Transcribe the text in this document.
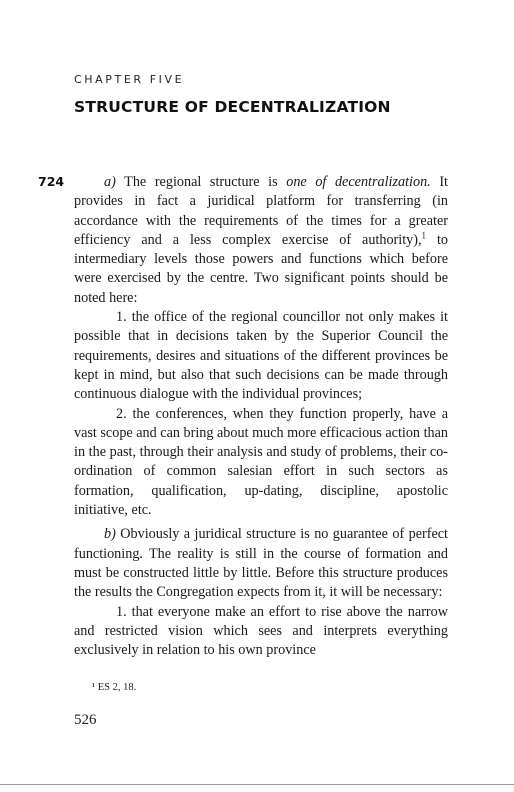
CHAPTER FIVE
STRUCTURE OF DECENTRALIZATION
724	a) The regional structure is one of decentralization. It provides in fact a juridical platform for transferring (in accordance with the requirements of the times for a greater efficiency and a less complex exercise of authority),$^1$ to intermediary levels those powers and functions which before were exercised by the centre. Two significant points should be noted here:

1. the office of the regional councillor not only makes it possible that in decisions taken by the Superior Council the requirements, desires and situations of the different provinces be kept in mind, but also that such decisions can be made through continuous dialogue with the individual provinces;

2. the conferences, when they function properly, have a vast scope and can bring about much more efficacious action than in the past, through their analysis and study of problems, their co-ordination of common salesian effort in such sectors as formation, qualification, up-dating, discipline, apostolic initiative, etc.

b) Obviously a juridical structure is no guarantee of perfect functioning. The reality is still in the course of formation and must be constructed little by little. Before this structure produces the results the Congregation expects from it, it will be necessary:

1. that everyone make an effort to rise above the narrow and restricted vision which sees and interprets everything exclusively in relation to his own province

¹ ES 2, 18.
526
